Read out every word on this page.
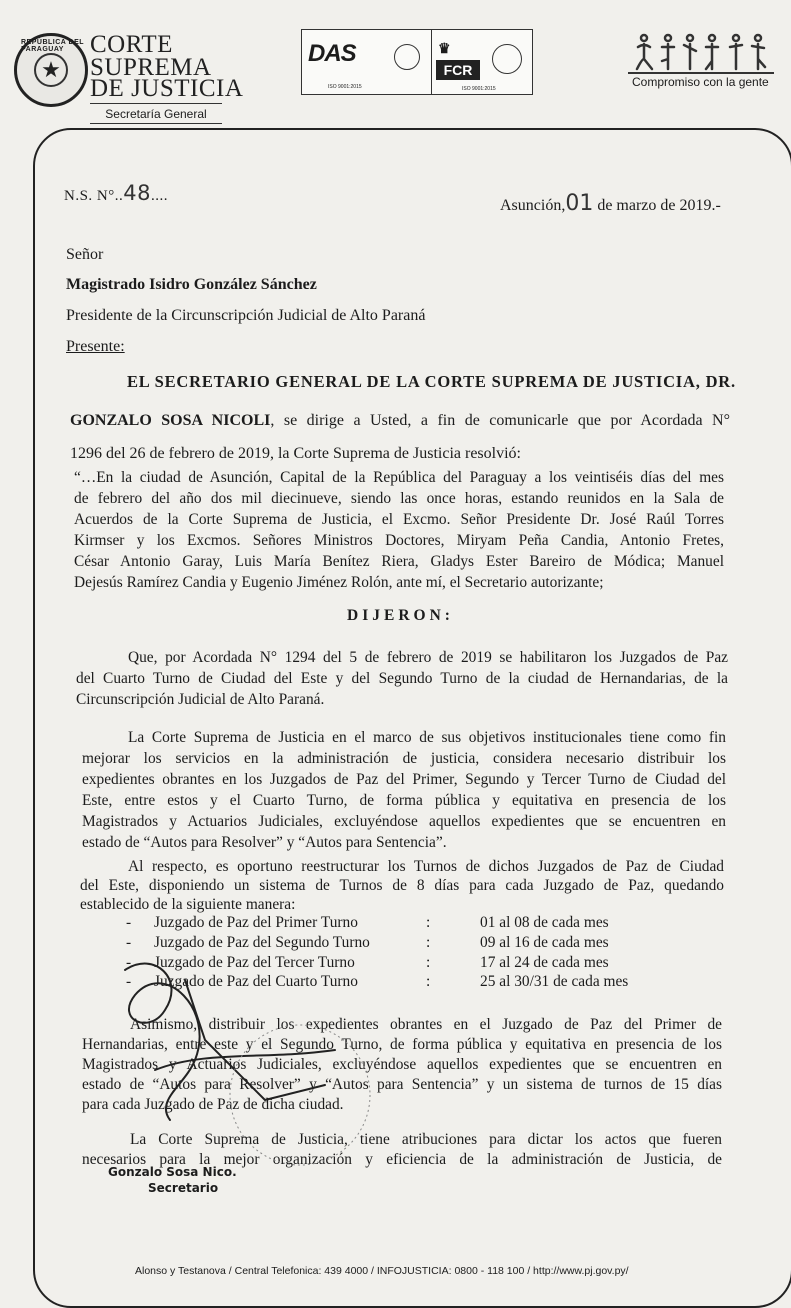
REPÚBLICA DEL PARAGUAY
★
CORTE
SUPREMA
DE JUSTICIA
Secretaría General
DAS
ISO 9001:2015
♛
FCR
ISO 9001:2015	Compromiso con la gente
N.S. N°..48....
Asunción,01 de marzo de 2019.-
Señor
Magistrado Isidro González Sánchez
Presidente de la Circunscripción Judicial de Alto Paraná
Presente:
EL SECRETARIO GENERAL DE LA CORTE SUPREMA DE JUSTICIA, DR.
GONZALO SOSA NICOLI, se dirige a Usted, a fin de comunicarle que por Acordada N°
1296 del 26 de febrero de 2019, la Corte Suprema de Justicia resolvió:
“…En la ciudad de Asunción, Capital de la República del Paraguay a los veintiséis días del mes
de febrero del año dos mil diecinueve, siendo las once horas, estando reunidos en la Sala de
Acuerdos de la Corte Suprema de Justicia, el Excmo. Señor Presidente Dr. José Raúl Torres
Kirmser y los Excmos. Señores Ministros Doctores, Miryam Peña Candia, Antonio Fretes,
César Antonio Garay, Luis María Benítez Riera, Gladys Ester Bareiro de Módica; Manuel
Dejesús Ramírez Candia y Eugenio Jiménez Rolón, ante mí, el Secretario autorizante;
DIJERON:
Que, por Acordada N° 1294 del 5 de febrero de 2019 se habilitaron los Juzgados de Paz
del Cuarto Turno de Ciudad del Este y del Segundo Turno de la ciudad de Hernandarias, de la
Circunscripción Judicial de Alto Paraná.
La Corte Suprema de Justicia en el marco de sus objetivos institucionales tiene como fin
mejorar los servicios en la administración de justicia, considera necesario distribuir los
expedientes obrantes en los Juzgados de Paz del Primer, Segundo y Tercer Turno de Ciudad del
Este, entre estos y el Cuarto Turno, de forma pública y equitativa en presencia de los
Magistrados y Actuarios Judiciales, excluyéndose aquellos expedientes que se encuentren en
estado de “Autos para Resolver” y “Autos para Sentencia”.
Al respecto, es oportuno reestructurar los Turnos de dichos Juzgados de Paz de Ciudad
del Este, disponiendo un sistema de Turnos de 8 días para cada Juzgado de Paz, quedando
establecido de la siguiente manera:
- Juzgado de Paz del Primer Turno	:	01 al 08 de cada mes
- Juzgado de Paz del Segundo Turno	:	09 al 16 de cada mes
- Juzgado de Paz del Tercer Turno	:	17 al 24 de cada mes
- Juzgado de Paz del Cuarto Turno	:	25 al 30/31 de cada mes
Asimismo, distribuir los expedientes obrantes en el Juzgado de Paz del Primer de
Hernandarias, entre este y el Segundo Turno, de forma pública y equitativa en presencia de los
Magistrados y Actuarios Judiciales, excluyéndose aquellos expedientes que se encuentren en
estado de “Autos para Resolver” y “Autos para Sentencia” y un sistema de turnos de 15 días
para cada Juzgado de Paz de dicha ciudad.
La Corte Suprema de Justicia, tiene atribuciones para dictar los actos que fueren
necesarios para la mejor organización y eficiencia de la administración de Justicia, de
Gonzalo Sosa Nico.
Secretario
Alonso y Testanova / Central Telefonica: 439 4000 / INFOJUSTICIA: 0800 - 118 100 / http://www.pj.gov.py/
